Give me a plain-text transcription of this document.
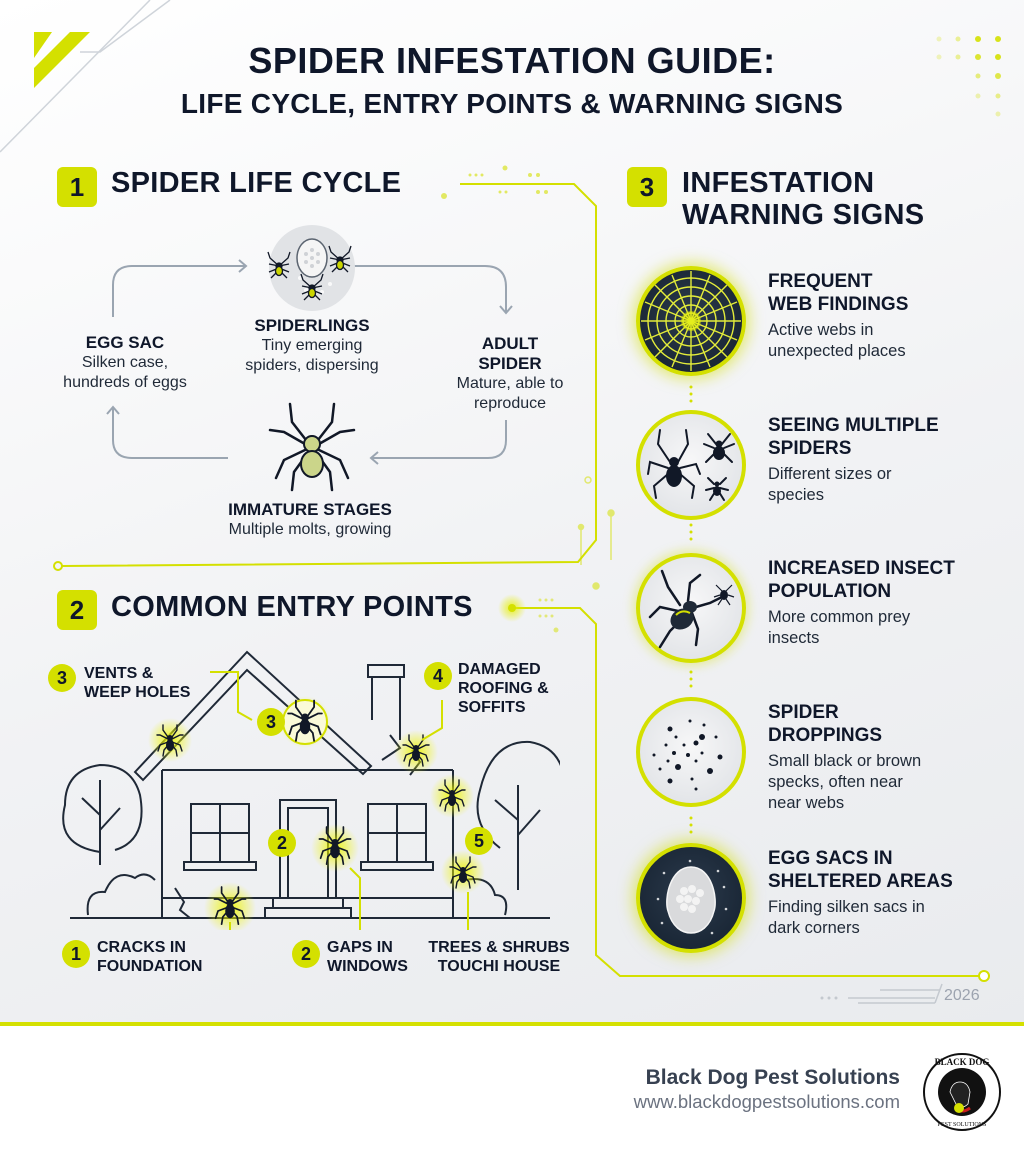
SPIDER INFESTATION GUIDE:
LIFE CYCLE, ENTRY POINTS & WARNING SIGNS
1 SPIDER LIFE CYCLE
EGG SAC
Silken case,
hundreds of eggs
SPIDERLINGS
Tiny emerging
spiders, dispersing
ADULT
SPIDER
Mature, able to
reproduce
IMMATURE STAGES
Multiple molts, growing
2 COMMON ENTRY POINTS
3	VENTS &
WEEP HOLES
3
4 DAMAGED
ROOFING &
SOFFITS
2	5
1	CRACKS IN
FOUNDATION
2	GAPS IN
WINDOWS
TREES & SHRUBS
TOUCHI HOUSE
3 INFESTATION
WARNING SIGNS
FREQUENT
WEB FINDINGS
Active webs in
unexpected places
SEEING MULTIPLE
SPIDERS
Different sizes or
species
INCREASED INSECT
POPULATION
More common prey
insects
SPIDER
DROPPINGS
Small black or brown
specks, often near
near webs
EGG SACS IN
SHELTERED AREAS
Finding silken sacs in
dark corners
2026
Black Dog Pest Solutions
www.blackdogpestsolutions.com
BLACK DOG
PEST SOLUTIONS
